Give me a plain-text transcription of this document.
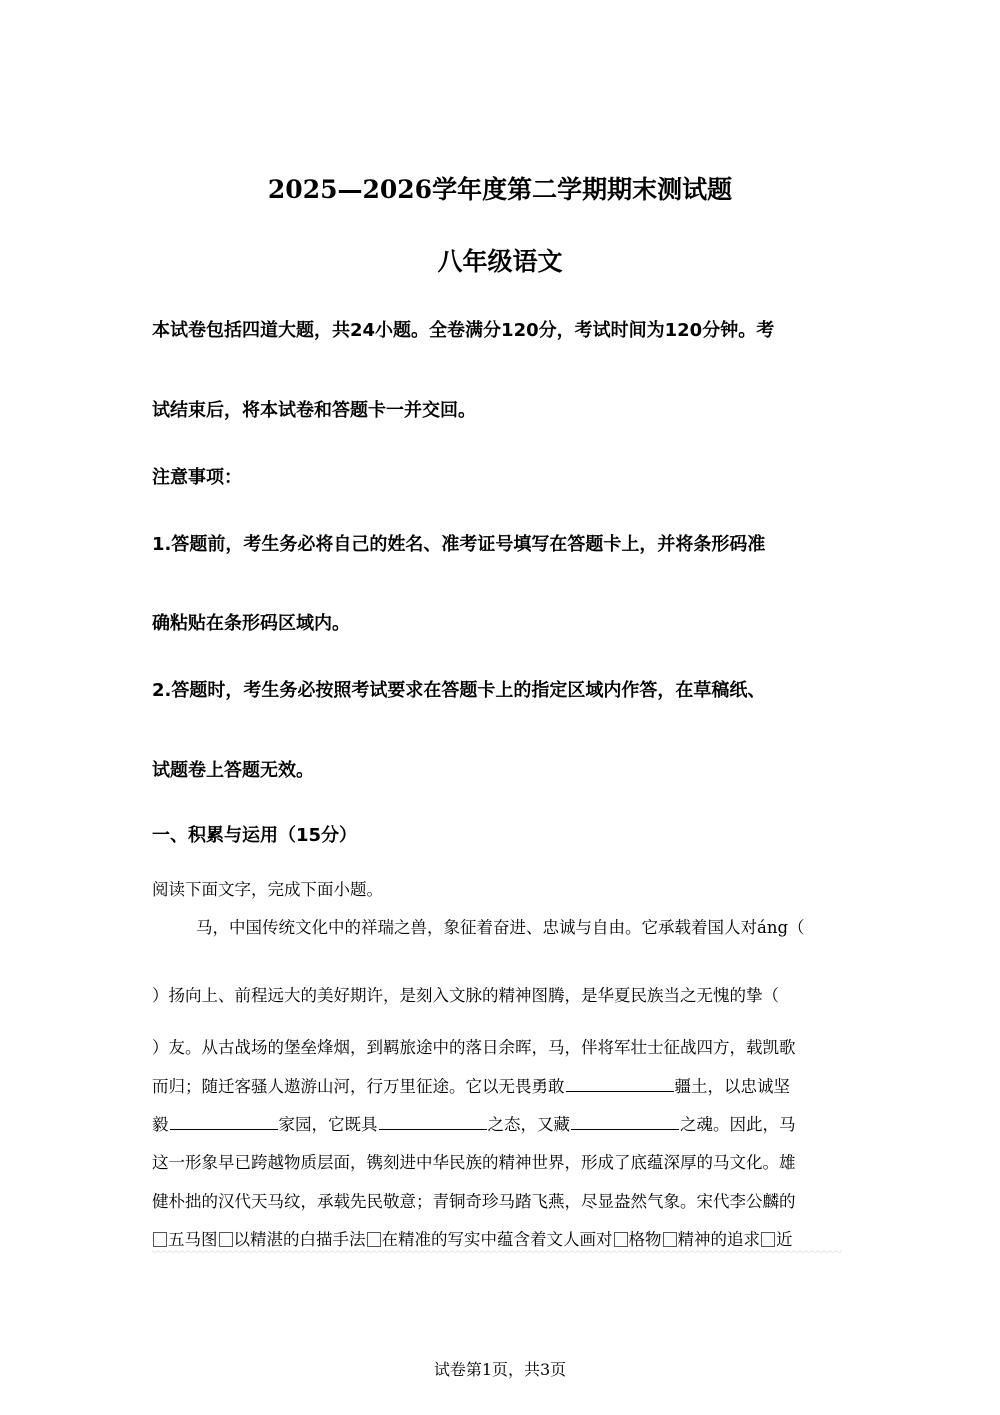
2025—2026学年度第二学期期末测试题
八年级语文
本试卷包括四道大题，共24小题。全卷满分120分，考试时间为120分钟。考
试结束后，将本试卷和答题卡一并交回。
注意事项：
1.答题前，考生务必将自己的姓名、准考证号填写在答题卡上，并将条形码准
确粘贴在条形码区域内。
2.答题时，考生务必按照考试要求在答题卡上的指定区域内作答，在草稿纸、
试题卷上答题无效。
一、积累与运用（15分）
阅读下面文字，完成下面小题。
马，中国传统文化中的祥瑞之兽，象征着奋进、忠诚与自由。它承载着国人对áng（
）扬向上、前程远大的美好期许，是刻入文脉的精神图腾，是华夏民族当之无愧的挚（
）友。从古战场的堡垒烽烟，到羁旅途中的落日余晖，马，伴将军壮士征战四方，载凯歌
而归；随迁客骚人遨游山河，行万里征途。它以无畏勇敢	疆土，以忠诚坚
毅	家园，它既具	之态，又藏	之魂。因此，马
这一形象早已跨越物质层面，镌刻进中华民族的精神世界，形成了底蕴深厚的马文化。雄
健朴拙的汉代天马纹，承载先民敬意；青铜奇珍马踏飞燕，尽显盎然气象。宋代李公麟的
五马图 以精湛的白描手法 在精准的写实中蕴含着文人画对 格物 精神的追求 近
试卷第1页，共3页
